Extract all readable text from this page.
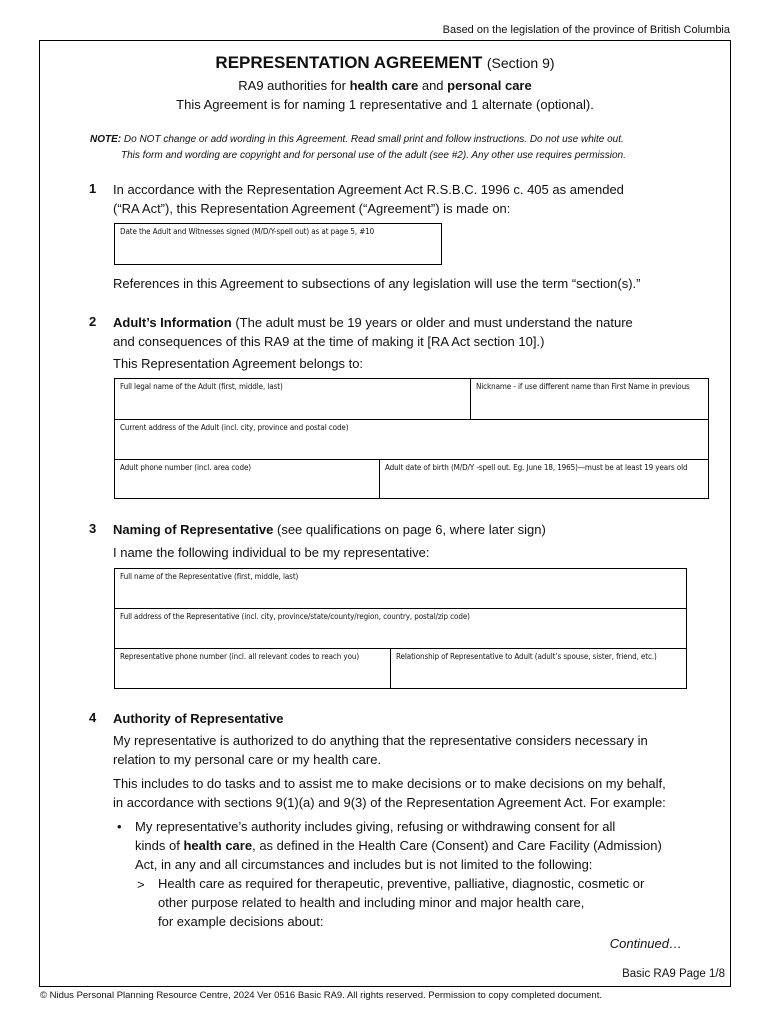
Based on the legislation of the province of British Columbia
REPRESENTATION AGREEMENT (Section 9)
RA9 authorities for health care and personal care
This Agreement is for naming 1 representative and 1 alternate (optional).
NOTE: Do NOT change or add wording in this Agreement. Read small print and follow instructions. Do not use white out.
This form and wording are copyright and for personal use of the adult (see #2). Any other use requires permission.
1 In accordance with the Representation Agreement Act R.S.B.C. 1996 c. 405 as amended
(“RA Act”), this Representation Agreement (“Agreement”) is made on:
Date the Adult and Witnesses signed (M/D/Y-spell out) as at page 5, #10
References in this Agreement to subsections of any legislation will use the term “section(s).”
2 Adult’s Information (The adult must be 19 years or older and must understand the nature
and consequences of this RA9 at the time of making it [RA Act section 10].)
This Representation Agreement belongs to:
Full legal name of the Adult (first, middle, last)	Nickname - if use different name than First Name in previous
Current address of the Adult (incl. city, province and postal code)
Adult phone number (incl. area code)	Adult date of birth (M/D/Y -spell out. Eg. June 18, 1965)—must be at least 19 years old
3 Naming of Representative (see qualifications on page 6, where later sign)
I name the following individual to be my representative:
Full name of the Representative (first, middle, last)
Full address of the Representative (incl. city, province/state/county/region, country, postal/zip code)
Representative phone number (incl. all relevant codes to reach you)	Relationship of Representative to Adult (adult’s spouse, sister, friend, etc.)
4 Authority of Representative
My representative is authorized to do anything that the representative considers necessary in
relation to my personal care or my health care.
This includes to do tasks and to assist me to make decisions or to make decisions on my behalf,
in accordance with sections 9(1)(a) and 9(3) of the Representation Agreement Act. For example:
• My representative’s authority includes giving, refusing or withdrawing consent for all
kinds of health care, as defined in the Health Care (Consent) and Care Facility (Admission)
Act, in any and all circumstances and includes but is not limited to the following:
> Health care as required for therapeutic, preventive, palliative, diagnostic, cosmetic or
other purpose related to health and including minor and major health care,
for example decisions about:
Continued…
Basic RA9 Page 1/8
© Nidus Personal Planning Resource Centre, 2024 Ver 0516 Basic RA9. All rights reserved. Permission to copy completed document.
